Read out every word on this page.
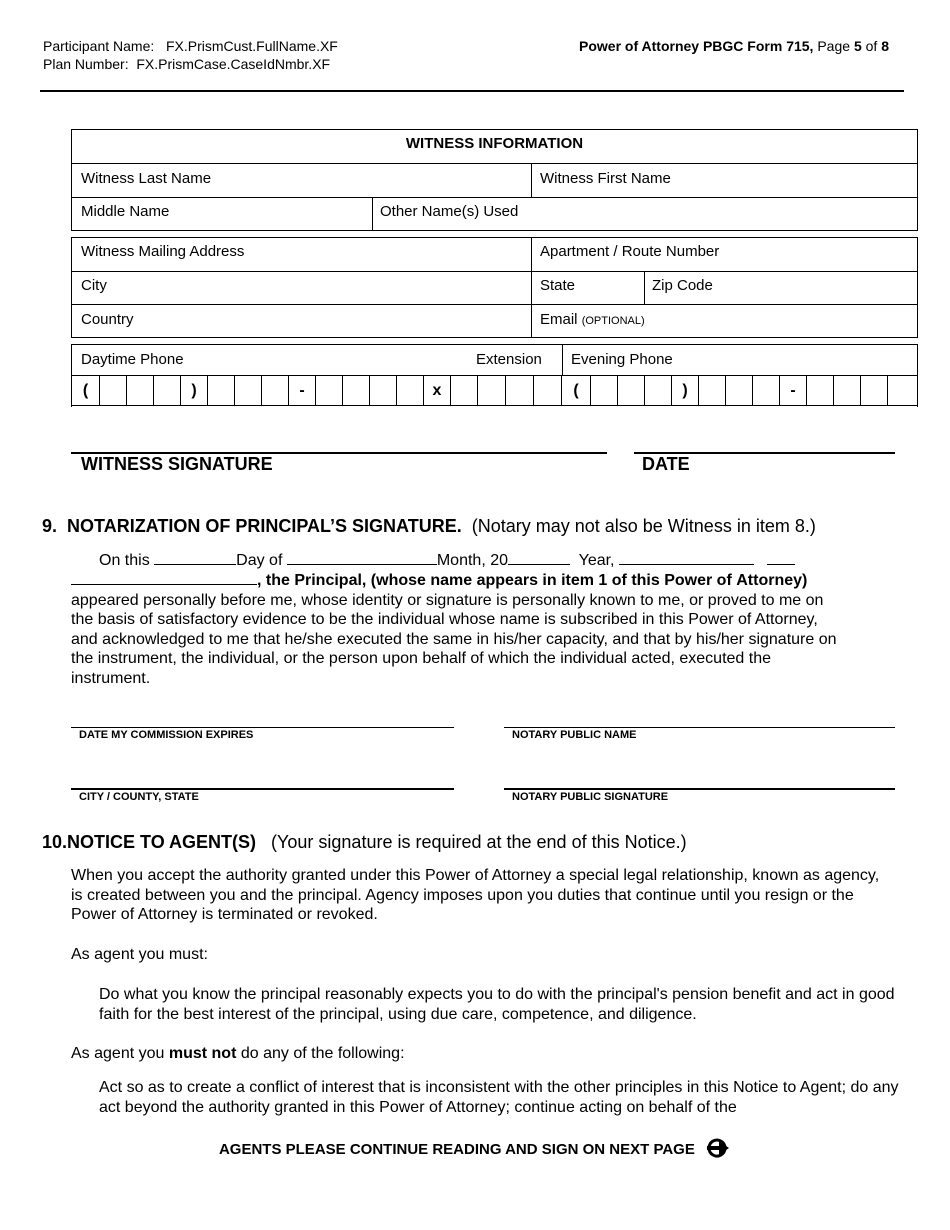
Participant Name: FX.PrismCust.FullName.XF
Plan Number: FX.PrismCase.CaseIdNmbr.XF
Power of Attorney PBGC Form 715, Page 5 of 8
WITNESS INFORMATION
Witness Last Name	Witness First Name
Middle Name	Other Name(s) Used
Witness Mailing Address	Apartment / Route Number
City	State	Zip Code
Country	Email (OPTIONAL)
Daytime Phone	Extension Evening Phone
(	)	-	x	(	)	-
WITNESS SIGNATURE	DATE
9. NOTARIZATION OF PRINCIPAL’S SIGNATURE. (Notary may not also be Witness in item 8.)
On this	Day of	Month, 20	Year,
, the Principal, (whose name appears in item 1 of this Power of Attorney) appeared personally before me, whose identity or signature is personally known to me, or proved to me on the basis of satisfactory evidence to be the individual whose name is subscribed in this Power of Attorney, and acknowledged to me that he/she executed the same in his/her capacity, and that by his/her signature on the instrument, the individual, or the person upon behalf of which the individual acted, executed the instrument.
DATE MY COMMISSION EXPIRES	NOTARY PUBLIC NAME
CITY / COUNTY, STATE	NOTARY PUBLIC SIGNATURE
10.NOTICE TO AGENT(S) (Your signature is required at the end of this Notice.)
When you accept the authority granted under this Power of Attorney a special legal relationship, known as agency, is created between you and the principal. Agency imposes upon you duties that continue until you resign or the Power of Attorney is terminated or revoked.
As agent you must:
Do what you know the principal reasonably expects you to do with the principal's pension benefit and act in good faith for the best interest of the principal, using due care, competence, and diligence.
As agent you must not do any of the following:
Act so as to create a conflict of interest that is inconsistent with the other principles in this Notice to Agent; do any act beyond the authority granted in this Power of Attorney; continue acting on behalf of the
AGENTS PLEASE CONTINUE READING AND SIGN ON NEXT PAGE
